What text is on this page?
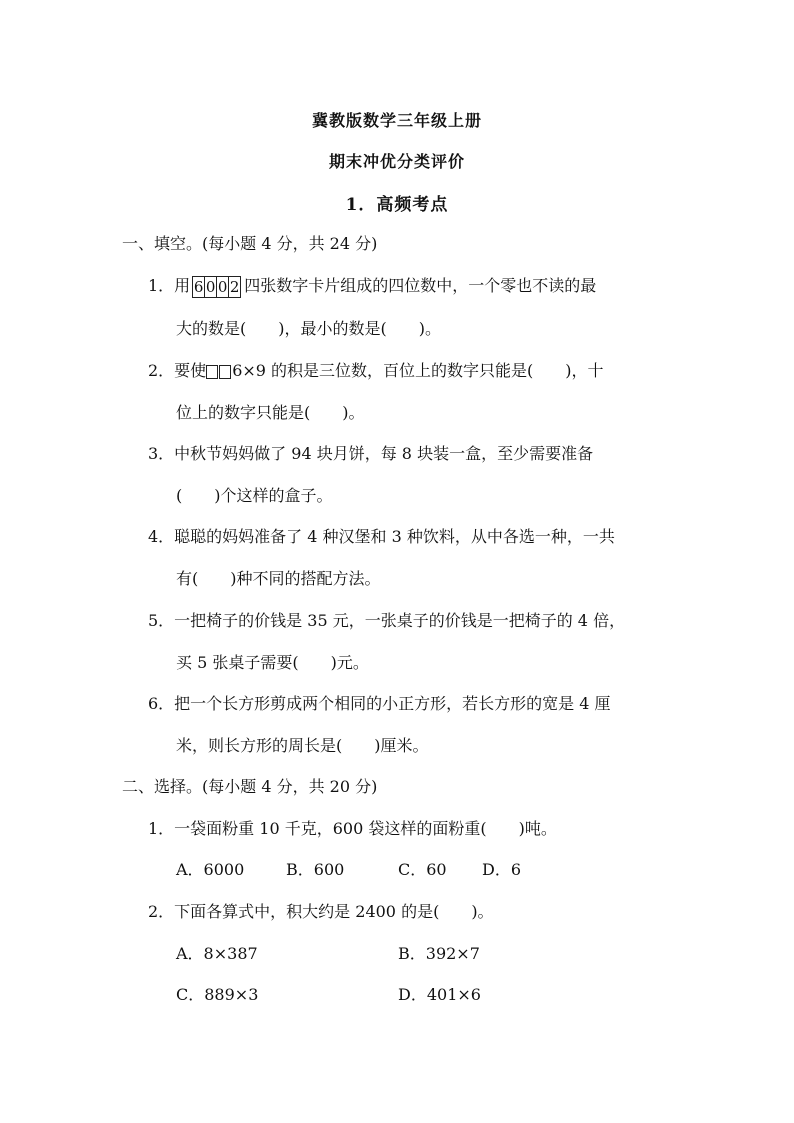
冀教版数学三年级上册
期末冲优分类评价
1．高频考点
一、填空。(每小题 4 分，共 24 分)
1．用 6 0 0 2 四张数字卡片组成的四位数中，一个零也不读的最
大的数是(　　)，最小的数是(　　)。
2．要使 6×9 的积是三位数，百位上的数字只能是(　　)，十
位上的数字只能是(　　)。
3．中秋节妈妈做了 94 块月饼，每 8 块装一盒，至少需要准备
(　　)个这样的盒子。
4．聪聪的妈妈准备了 4 种汉堡和 3 种饮料，从中各选一种，一共
有(　　)种不同的搭配方法。
5．一把椅子的价钱是 35 元，一张桌子的价钱是一把椅子的 4 倍，
买 5 张桌子需要(　　)元。
6．把一个长方形剪成两个相同的小正方形，若长方形的宽是 4 厘
米，则长方形的周长是(　　)厘米。
二、选择。(每小题 4 分，共 20 分)
1．一袋面粉重 10 千克，600 袋这样的面粉重(　　)吨。
A．6000	B．600	C．60 D．6
2．下面各算式中，积大约是 2400 的是(　　)。
A．8×387	B．392×7
C．889×3	D．401×6
